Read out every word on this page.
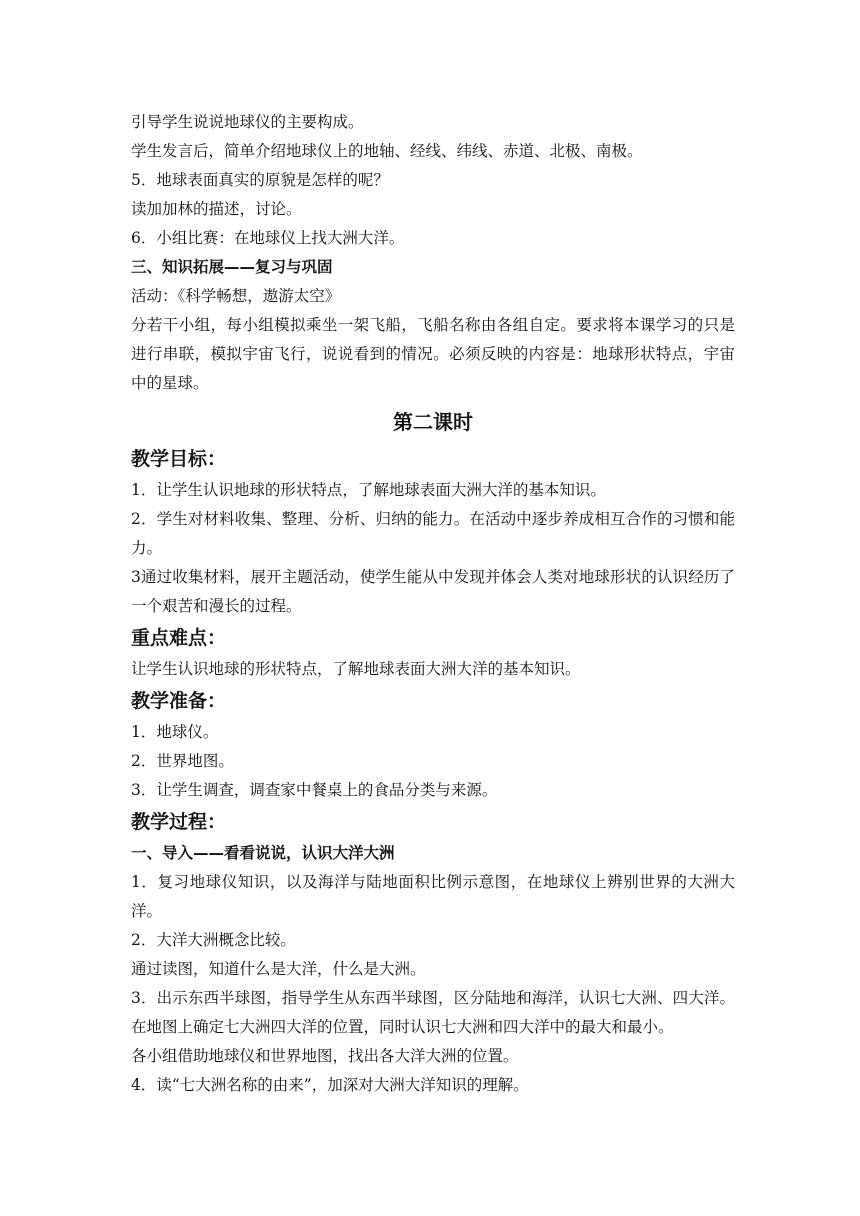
引导学生说说地球仪的主要构成。

学生发言后，简单介绍地球仪上的地轴、经线、纬线、赤道、北极、南极。

5．地球表面真实的原貌是怎样的呢？

读加加林的描述，讨论。

6．小组比赛：在地球仪上找大洲大洋。

三、知识拓展——复习与巩固

活动：《科学畅想，遨游太空》

分若干小组，每小组模拟乘坐一架飞船，飞船名称由各组自定。要求将本课学习的只是进行串联，模拟宇宙飞行，说说看到的情况。必须反映的内容是：地球形状特点，宇宙中的星球。

第二课时
教学目标：

1．让学生认识地球的形状特点，了解地球表面大洲大洋的基本知识。

2．学生对材料收集、整理、分析、归纳的能力。在活动中逐步养成相互合作的习惯和能力。

3通过收集材料，展开主题活动，使学生能从中发现并体会人类对地球形状的认识经历了一个艰苦和漫长的过程。

重点难点：

让学生认识地球的形状特点，了解地球表面大洲大洋的基本知识。

教学准备：

1．地球仪。

2．世界地图。

3．让学生调查，调查家中餐桌上的食品分类与来源。

教学过程：
一、导入——看看说说，认识大洋大洲

1．复习地球仪知识，以及海洋与陆地面积比例示意图，在地球仪上辨别世界的大洲大洋。

2．大洋大洲概念比较。

通过读图，知道什么是大洋，什么是大洲。

3．出示东西半球图，指导学生从东西半球图，区分陆地和海洋，认识七大洲、四大洋。在地图上确定七大洲四大洋的位置，同时认识七大洲和四大洋中的最大和最小。

各小组借助地球仪和世界地图，找出各大洋大洲的位置。

4．读“七大洲名称的由来”，加深对大洲大洋知识的理解。
